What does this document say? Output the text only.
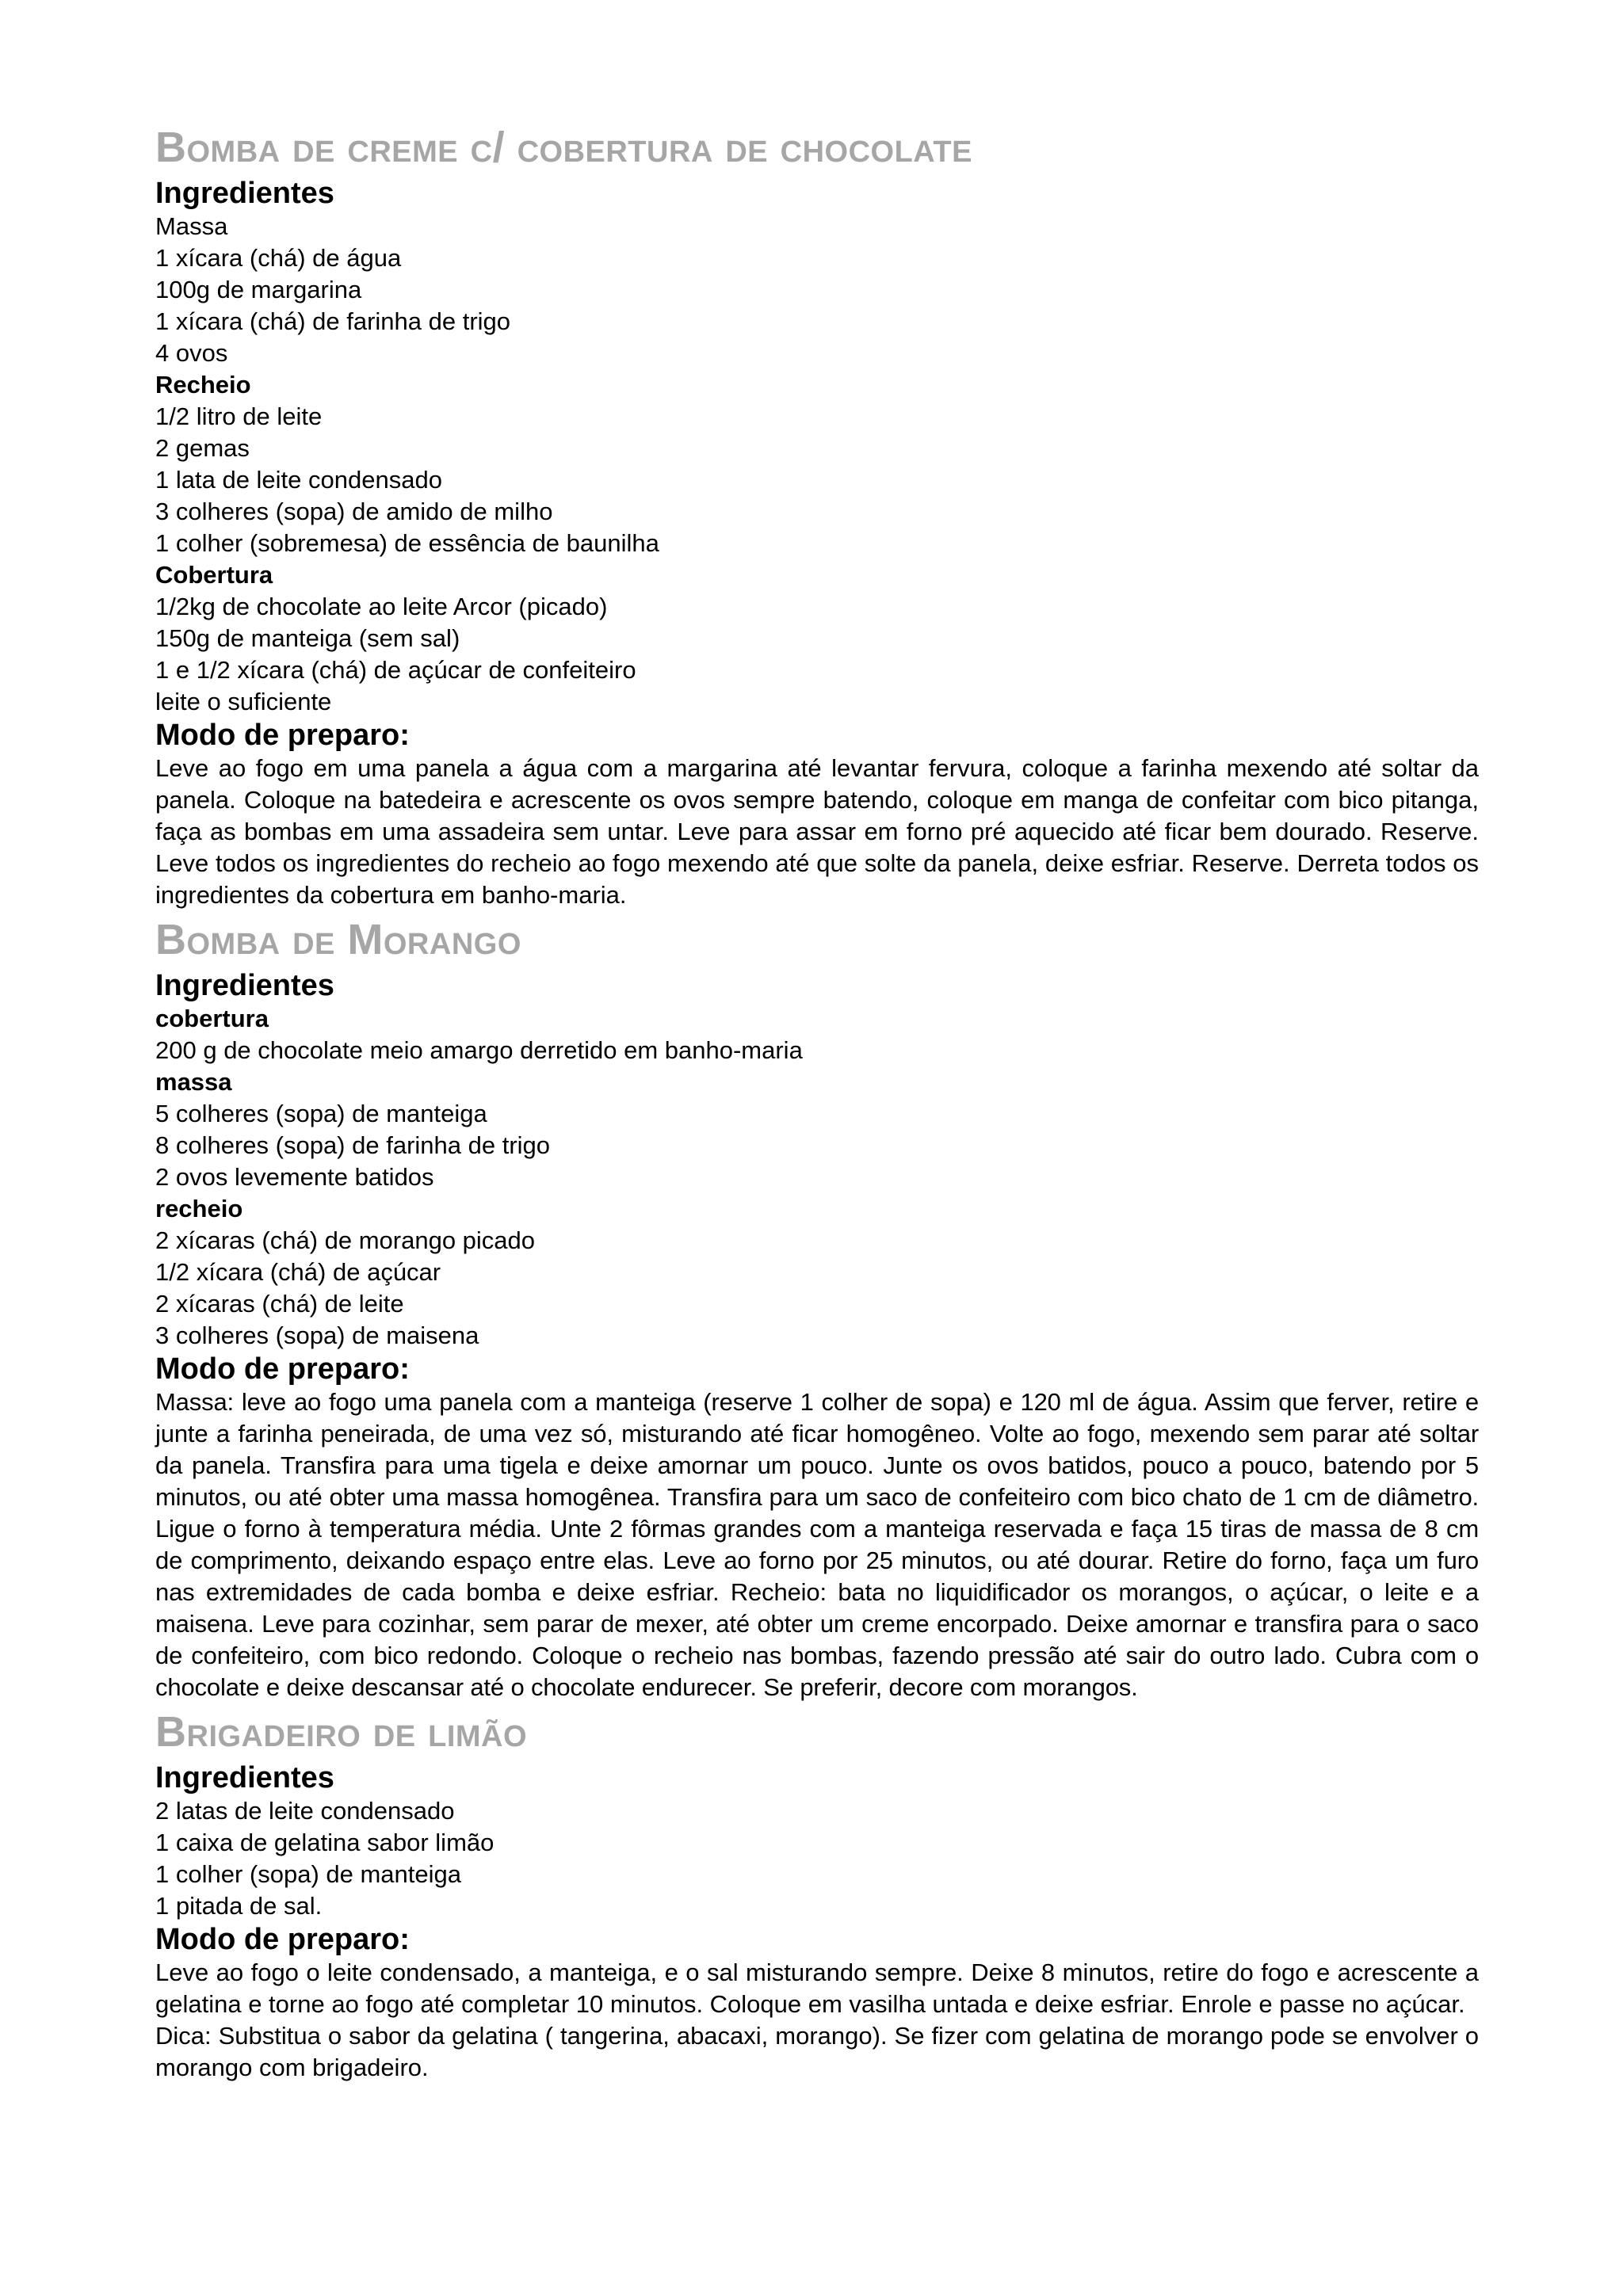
Bomba de creme c/ cobertura de chocolate
Ingredientes
Massa
1 xícara (chá) de água
100g de margarina
1 xícara (chá) de farinha de trigo
4 ovos
Recheio
1/2 litro de leite
2 gemas
1 lata de leite condensado
3 colheres (sopa) de amido de milho
1 colher (sobremesa) de essência de baunilha
Cobertura
1/2kg de chocolate ao leite Arcor (picado)
150g de manteiga (sem sal)
1 e 1/2 xícara (chá) de açúcar de confeiteiro
leite o suficiente
Modo de preparo:

Leve ao fogo em uma panela a água com a margarina até levantar fervura, coloque a farinha mexendo até soltar da panela. Coloque na batedeira e acrescente os ovos sempre batendo, coloque em manga de confeitar com bico pitanga, faça as bombas em uma assadeira sem untar. Leve para assar em forno pré aquecido até ficar bem dourado. Reserve. Leve todos os ingredientes do recheio ao fogo mexendo até que solte da panela, deixe esfriar. Reserve. Derreta todos os ingredientes da cobertura em banho-maria.

Bomba de Morango
Ingredientes
cobertura
200 g de chocolate meio amargo derretido em banho-maria
massa
5 colheres (sopa) de manteiga
8 colheres (sopa) de farinha de trigo
2 ovos levemente batidos
recheio
2 xícaras (chá) de morango picado
1/2 xícara (chá) de açúcar
2 xícaras (chá) de leite
3 colheres (sopa) de maisena
Modo de preparo:

Massa: leve ao fogo uma panela com a manteiga (reserve 1 colher de sopa) e 120 ml de água. Assim que ferver, retire e junte a farinha peneirada, de uma vez só, misturando até ficar homogêneo. Volte ao fogo, mexendo sem parar até soltar da panela. Transfira para uma tigela e deixe amornar um pouco. Junte os ovos batidos, pouco a pouco, batendo por 5 minutos, ou até obter uma massa homogênea. Transfira para um saco de confeiteiro com bico chato de 1 cm de diâmetro. Ligue o forno à temperatura média. Unte 2 fôrmas grandes com a manteiga reservada e faça 15 tiras de massa de 8 cm de comprimento, deixando espaço entre elas. Leve ao forno por 25 minutos, ou até dourar. Retire do forno, faça um furo nas extremidades de cada bomba e deixe esfriar. Recheio: bata no liquidificador os morangos, o açúcar, o leite e a maisena. Leve para cozinhar, sem parar de mexer, até obter um creme encorpado. Deixe amornar e transfira para o saco de confeiteiro, com bico redondo. Coloque o recheio nas bombas, fazendo pressão até sair do outro lado. Cubra com o chocolate e deixe descansar até o chocolate endurecer. Se preferir, decore com morangos.

Brigadeiro de limão
Ingredientes
2 latas de leite condensado
1 caixa de gelatina sabor limão
1 colher (sopa) de manteiga
1 pitada de sal.
Modo de preparo:

Leve ao fogo o leite condensado, a manteiga, e o sal misturando sempre. Deixe 8 minutos, retire do fogo e acrescente a gelatina e torne ao fogo até completar 10 minutos. Coloque em vasilha untada e deixe esfriar. Enrole e passe no açúcar.

Dica: Substitua o sabor da gelatina ( tangerina, abacaxi, morango). Se fizer com gelatina de morango pode se envolver o morango com brigadeiro.
